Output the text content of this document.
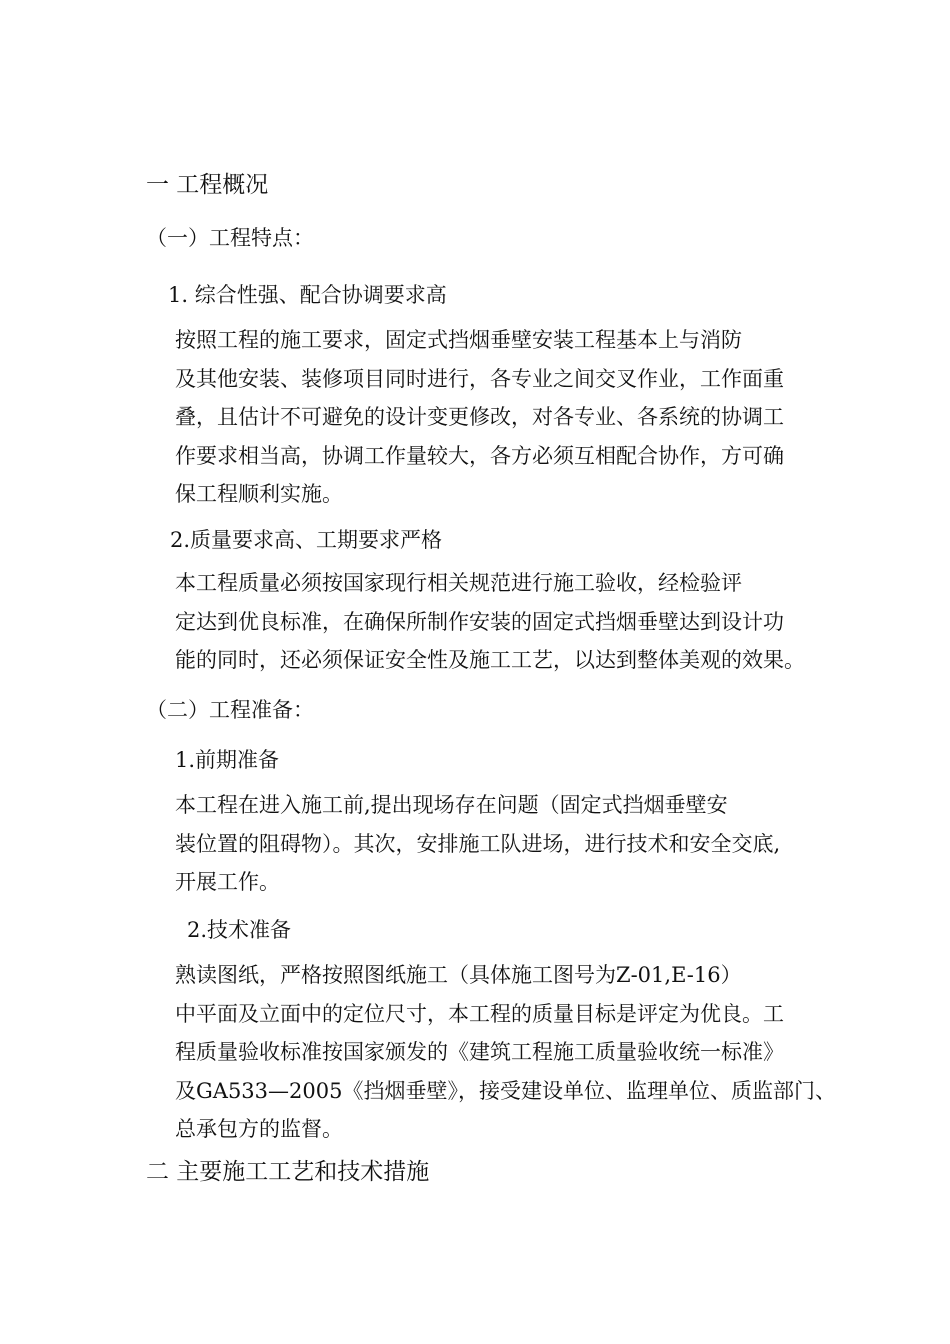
一 工程概况
（一）工程特点：
1. 综合性强、配合协调要求高
按照工程的施工要求，固定式挡烟垂壁安装工程基本上与消防
及其他安装、装修项目同时进行，各专业之间交叉作业，工作面重
叠，且估计不可避免的设计变更修改，对各专业、各系统的协调工
作要求相当高，协调工作量较大，各方必须互相配合协作，方可确
保工程顺利实施。
2.质量要求高、工期要求严格
本工程质量必须按国家现行相关规范进行施工验收，经检验评
定达到优良标准，在确保所制作安装的固定式挡烟垂壁达到设计功
能的同时，还必须保证安全性及施工工艺，以达到整体美观的效果。
（二）工程准备：
1.前期准备
本工程在进入施工前,提出现场存在问题（固定式挡烟垂壁安
装位置的阻碍物）。其次，安排施工队进场，进行技术和安全交底,
开展工作。
2.技术准备
熟读图纸，严格按照图纸施工（具体施工图号为Z-01,E-16）
中平面及立面中的定位尺寸，本工程的质量目标是评定为优良。工
程质量验收标准按国家颁发的《建筑工程施工质量验收统一标准》
及GA533—2005《挡烟垂壁》，接受建设单位、监理单位、质监部门、
总承包方的监督。
二 主要施工工艺和技术措施
